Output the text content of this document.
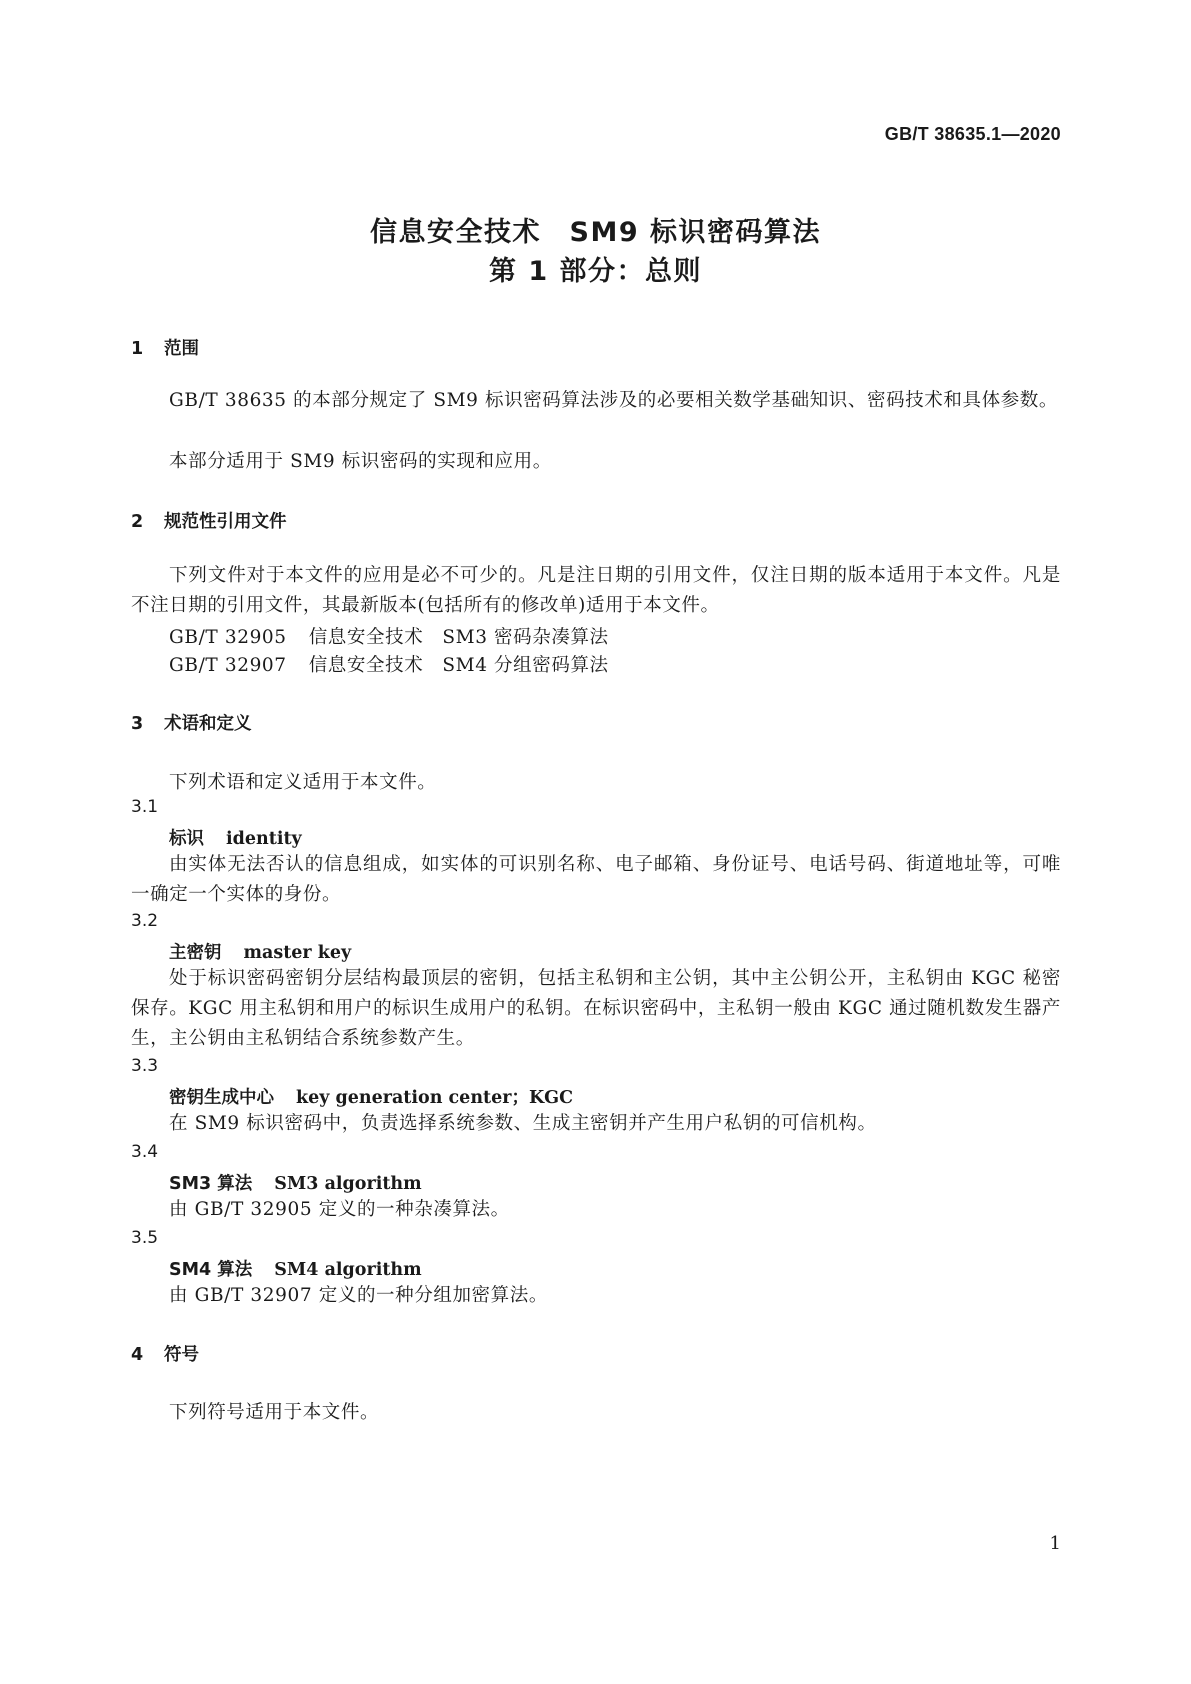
GB/T 38635.1—2020
信息安全技术　SM9 标识密码算法
第 1 部分：总则
1 范围
GB/T 38635 的本部分规定了 SM9 标识密码算法涉及的必要相关数学基础知识、密码技术和具体参数。
本部分适用于 SM9 标识密码的实现和应用。
2 规范性引用文件
下列文件对于本文件的应用是必不可少的。凡是注日期的引用文件，仅注日期的版本适用于本文件。凡是不注日期的引用文件，其最新版本(包括所有的修改单)适用于本文件。
GB/T 32905 信息安全技术　SM3 密码杂凑算法
GB/T 32907 信息安全技术　SM4 分组密码算法
3 术语和定义
下列术语和定义适用于本文件。
3.1
标识 identity
由实体无法否认的信息组成，如实体的可识别名称、电子邮箱、身份证号、电话号码、街道地址等，可唯一确定一个实体的身份。
3.2
主密钥 master key
处于标识密码密钥分层结构最顶层的密钥，包括主私钥和主公钥，其中主公钥公开，主私钥由 KGC 秘密保存。KGC 用主私钥和用户的标识生成用户的私钥。在标识密码中，主私钥一般由 KGC 通过随机数发生器产生，主公钥由主私钥结合系统参数产生。
3.3
密钥生成中心 key generation center；KGC
在 SM9 标识密码中，负责选择系统参数、生成主密钥并产生用户私钥的可信机构。
3.4
SM3 算法 SM3 algorithm
由 GB/T 32905 定义的一种杂凑算法。
3.5
SM4 算法 SM4 algorithm
由 GB/T 32907 定义的一种分组加密算法。
4 符号
下列符号适用于本文件。
1
